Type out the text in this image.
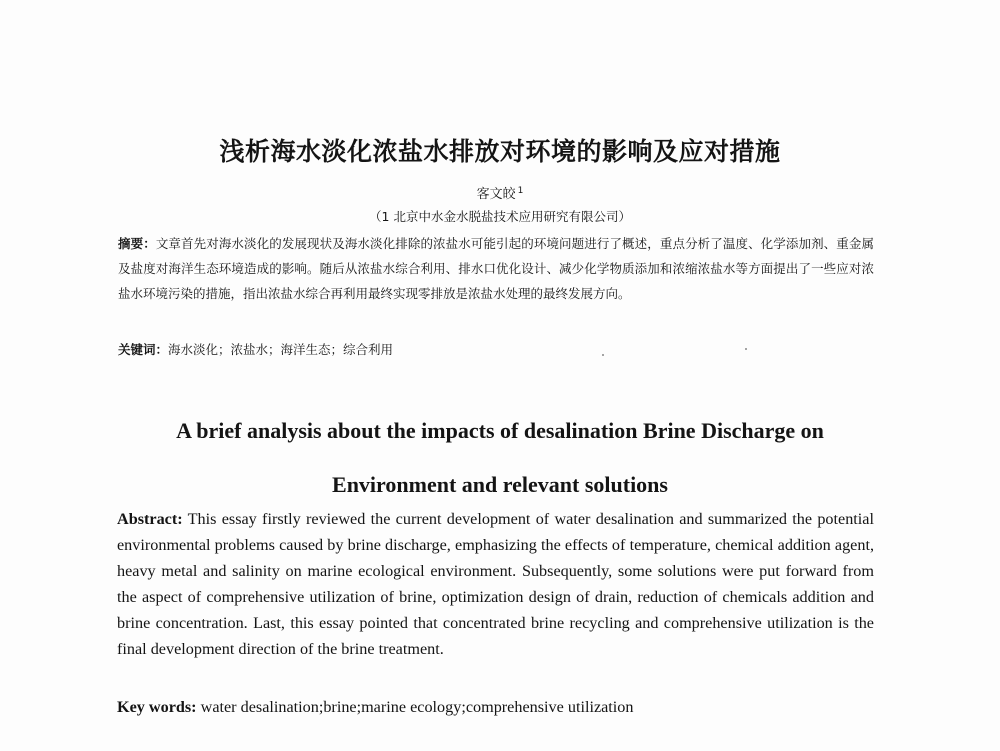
浅析海水淡化浓盐水排放对环境的影响及应对措施
客文皎 $^1$
（1 北京中水金水脱盐技术应用研究有限公司）
摘要：文章首先对海水淡化的发展现状及海水淡化排除的浓盐水可能引起的环境问题进行了概述，重点分析了温度、化学添加剂、重金属及盐度对海洋生态环境造成的影响。随后从浓盐水综合利用、排水口优化设计、减少化学物质添加和浓缩浓盐水等方面提出了一些应对浓盐水环境污染的措施，指出浓盐水综合再利用最终实现零排放是浓盐水处理的最终发展方向。
关键词：海水淡化；浓盐水；海洋生态；综合利用
A brief analysis about the impacts of desalination Brine Discharge on
Environment and relevant solutions
Abstract: This essay firstly reviewed the current development of water desalination and summarized the potential environmental problems caused by brine discharge, emphasizing the effects of temperature, chemical addition agent, heavy metal and salinity on marine ecological environment. Subsequently, some solutions were put forward from the aspect of comprehensive utilization of brine, optimization design of drain, reduction of chemicals addition and brine concentration. Last, this essay pointed that concentrated brine recycling and comprehensive utilization is the final development direction of the brine treatment.
Key words: water desalination;brine;marine ecology;comprehensive utilization
